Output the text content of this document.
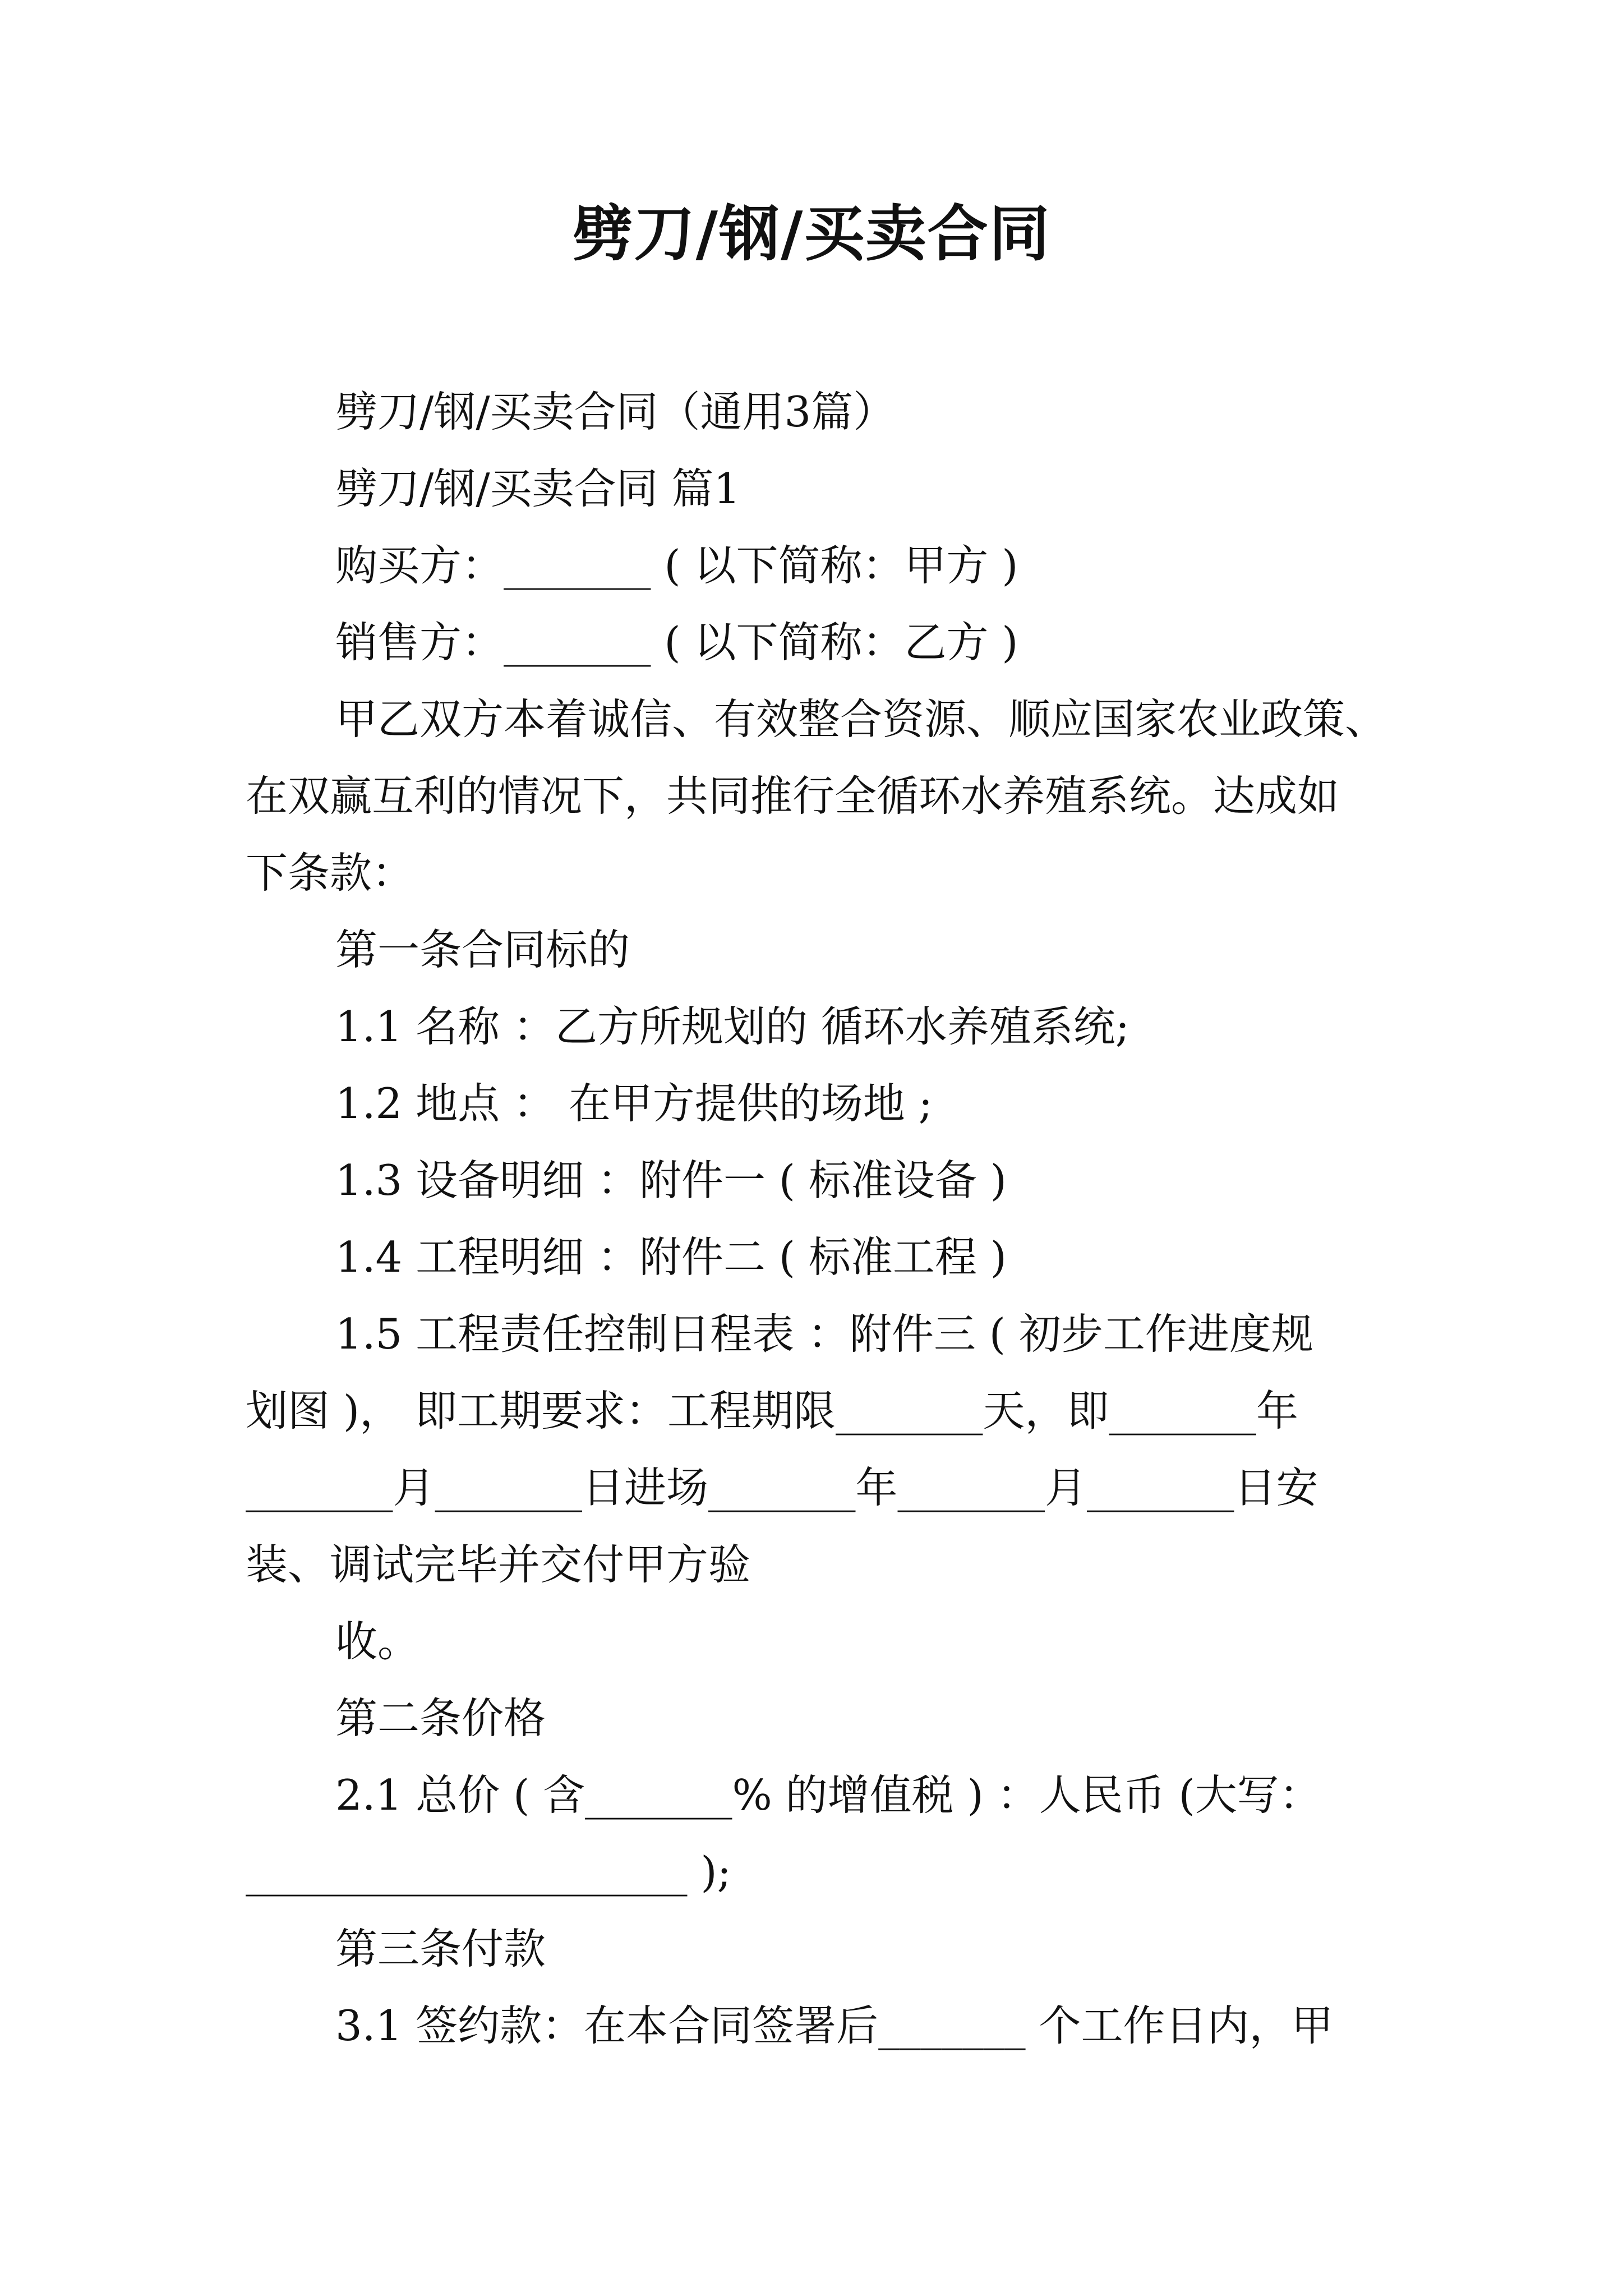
劈刀/钢/买卖合同
劈刀/钢/买卖合同（通用3篇）
劈刀/钢/买卖合同 篇1
购买方：_______ ( 以下简称：甲方 )
销售方：_______ ( 以下简称：乙方 )
甲乙双方本着诚信、有效整合资源、顺应国家农业政策、
在双赢互利的情况下，共同推行全循环水养殖系统。达成如
下条款：
第一条合同标的
1.1 名称 ：乙方所规划的 循环水养殖系统;
1.2 地点 ： 在甲方提供的场地 ;
1.3 设备明细 ：附件一 ( 标准设备 )
1.4 工程明细 ：附件二 ( 标准工程 )
1.5 工程责任控制日程表 ：附件三 ( 初步工作进度规
划图 )， 即工期要求：工程期限_______天，即_______年
_______月_______日进场_______年_______月_______日安
装、调试完毕并交付甲方验
收。
第二条价格
2.1 总价 ( 含_______% 的增值税 ) ：人民币 (大写：
_____________________ );
第三条付款
3.1 签约款：在本合同签署后_______ 个工作日内，甲
